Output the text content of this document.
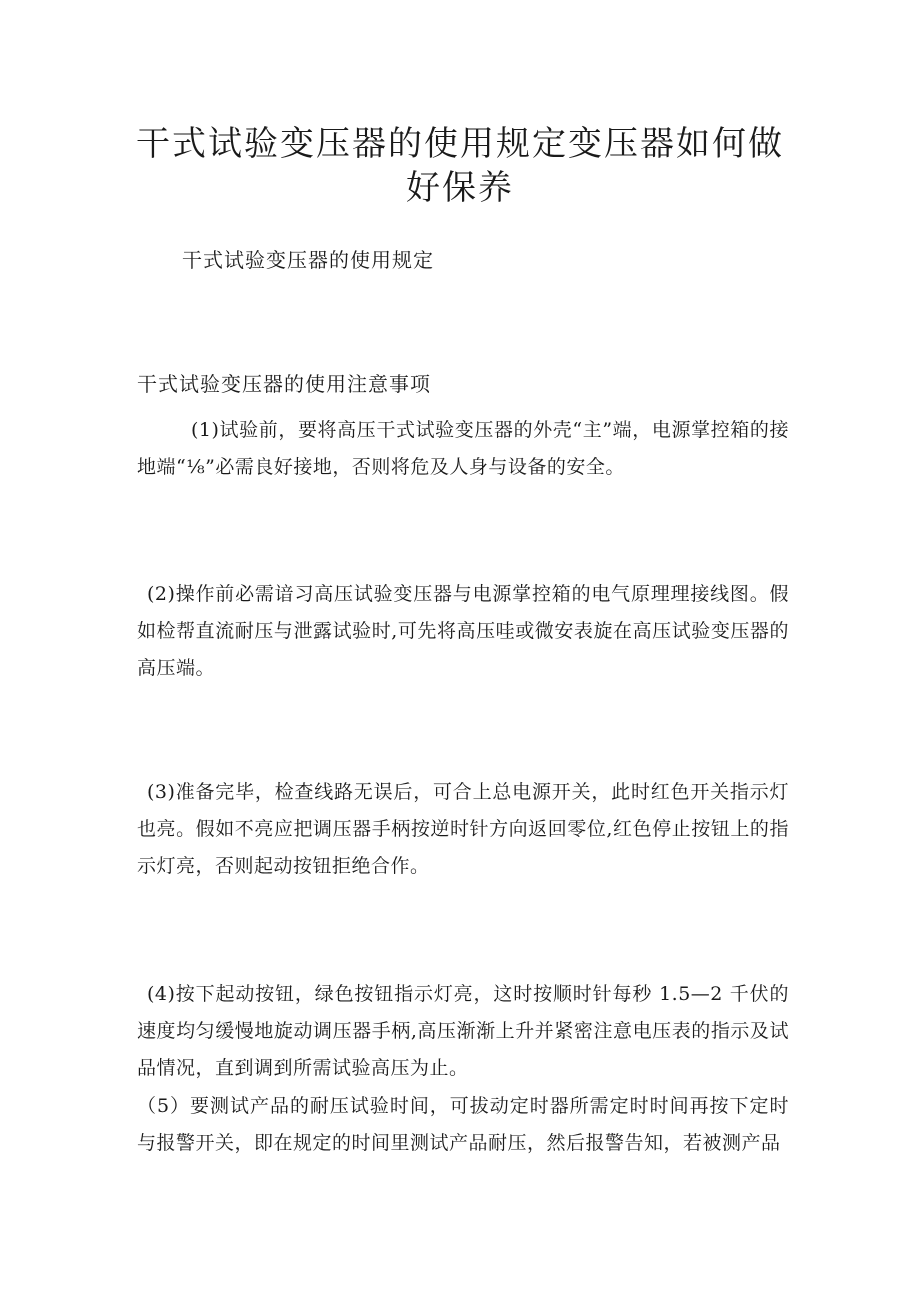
干式试验变压器的使用规定变压器如何做好保养

干式试验变压器的使用规定

干式试验变压器的使用注意事项

(1)试验前，要将高压干式试验变压器的外壳“主”端，电源掌控箱的接地端“⅛”必需良好接地，否则将危及人身与设备的安全。

(2)操作前必需谙习高压试验变压器与电源掌控箱的电气原理理接线图。假如检帮直流耐压与泄露试验时,可先将高压哇或微安表旋在高压试验变压器的高压端。

(3)准备完毕，检查线路无误后，可合上总电源开关，此时红色开关指示灯也亮。假如不亮应把调压器手柄按逆时针方向返回零位,红色停止按钮上的指示灯亮，否则起动按钮拒绝合作。

(4)按下起动按钮，绿色按钮指示灯亮，这时按顺时针每秒 1.5—2 千伏的速度均匀缓慢地旋动调压器手柄,高压渐渐上升并紧密注意电压表的指示及试品情况，直到调到所需试验高压为止。

（5）要测试产品的耐压试验时间，可拔动定时器所需定时时间再按下定时与报警开关，即在规定的时间里测试产品耐压，然后报警告知，若被测产品
